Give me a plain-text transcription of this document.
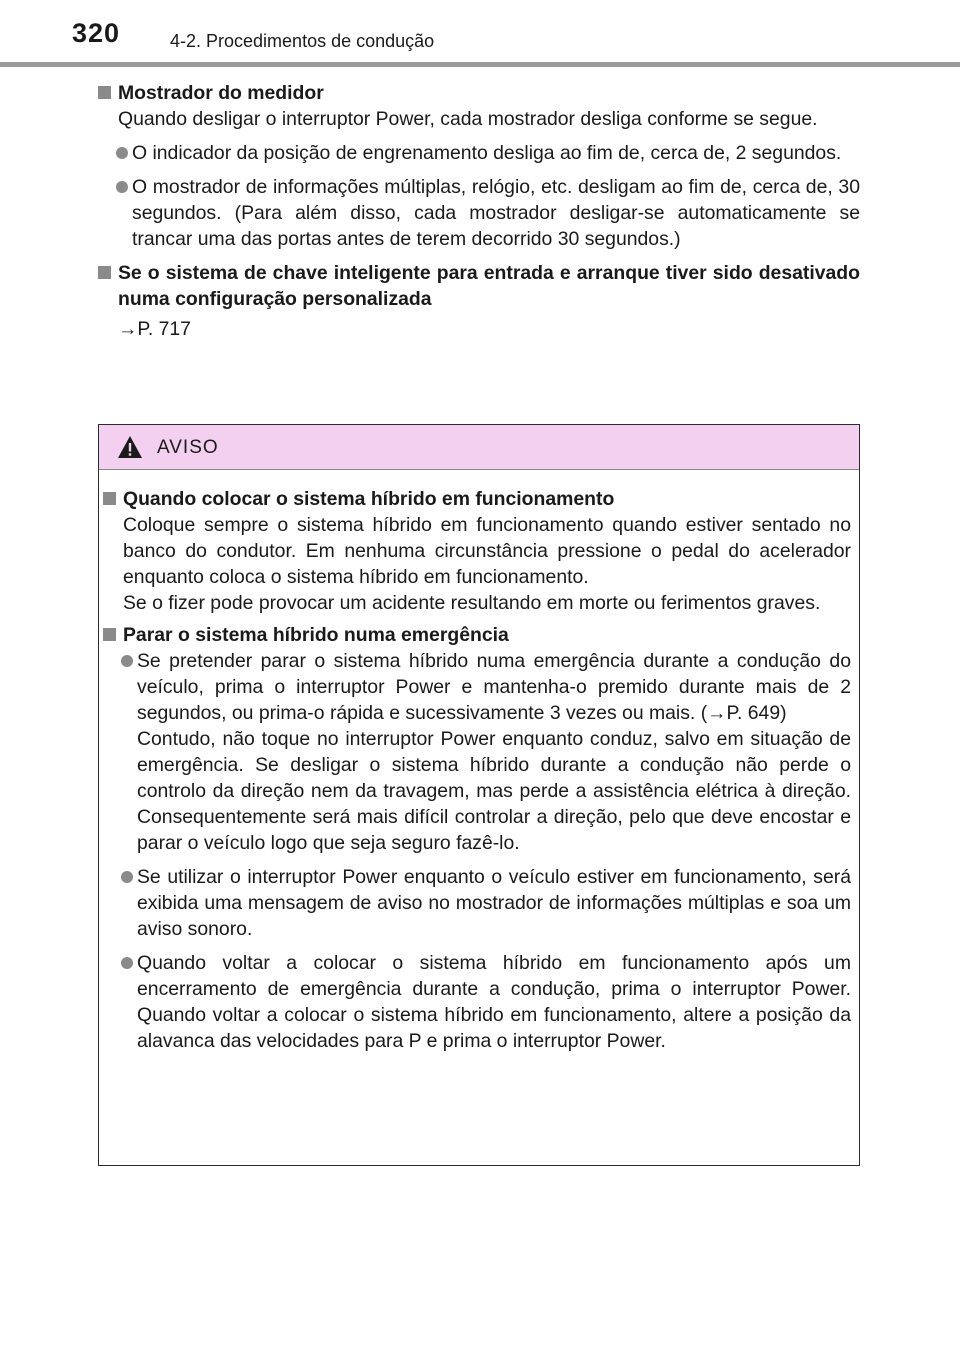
320	4-2. Procedimentos de condução
Mostrador do medidor
Quando desligar o interruptor Power, cada mostrador desliga conforme se segue.
O indicador da posição de engrenamento desliga ao fim de, cerca de, 2 segundos.
O mostrador de informações múltiplas, relógio, etc. desligam ao fim de, cerca de, 30 segundos. (Para além disso, cada mostrador desligar-se automaticamente se trancar uma das portas antes de terem decorrido 30 segundos.)
Se o sistema de chave inteligente para entrada e arranque tiver sido desativado numa configuração personalizada
→P. 717
AVISO
Quando colocar o sistema híbrido em funcionamento
Coloque sempre o sistema híbrido em funcionamento quando estiver sentado no banco do condutor. Em nenhuma circunstância pressione o pedal do acelerador enquanto coloca o sistema híbrido em funcionamento.
Se o fizer pode provocar um acidente resultando em morte ou ferimentos graves.
Parar o sistema híbrido numa emergência
Se pretender parar o sistema híbrido numa emergência durante a condução do veículo, prima o interruptor Power e mantenha-o premido durante mais de 2 segundos, ou prima-o rápida e sucessivamente 3 vezes ou mais. (→P. 649)
Contudo, não toque no interruptor Power enquanto conduz, salvo em situação de emergência. Se desligar o sistema híbrido durante a condução não perde o controlo da direção nem da travagem, mas perde a assistência elétrica à direção. Consequentemente será mais difícil controlar a direção, pelo que deve encostar e parar o veículo logo que seja seguro fazê-lo.
Se utilizar o interruptor Power enquanto o veículo estiver em funcionamento, será exibida uma mensagem de aviso no mostrador de informações múltiplas e soa um aviso sonoro.
Quando voltar a colocar o sistema híbrido em funcionamento após um encerramento de emergência durante a condução, prima o interruptor Power. Quando voltar a colocar o sistema híbrido em funcionamento, altere a posição da alavanca das velocidades para P e prima o interruptor Power.
